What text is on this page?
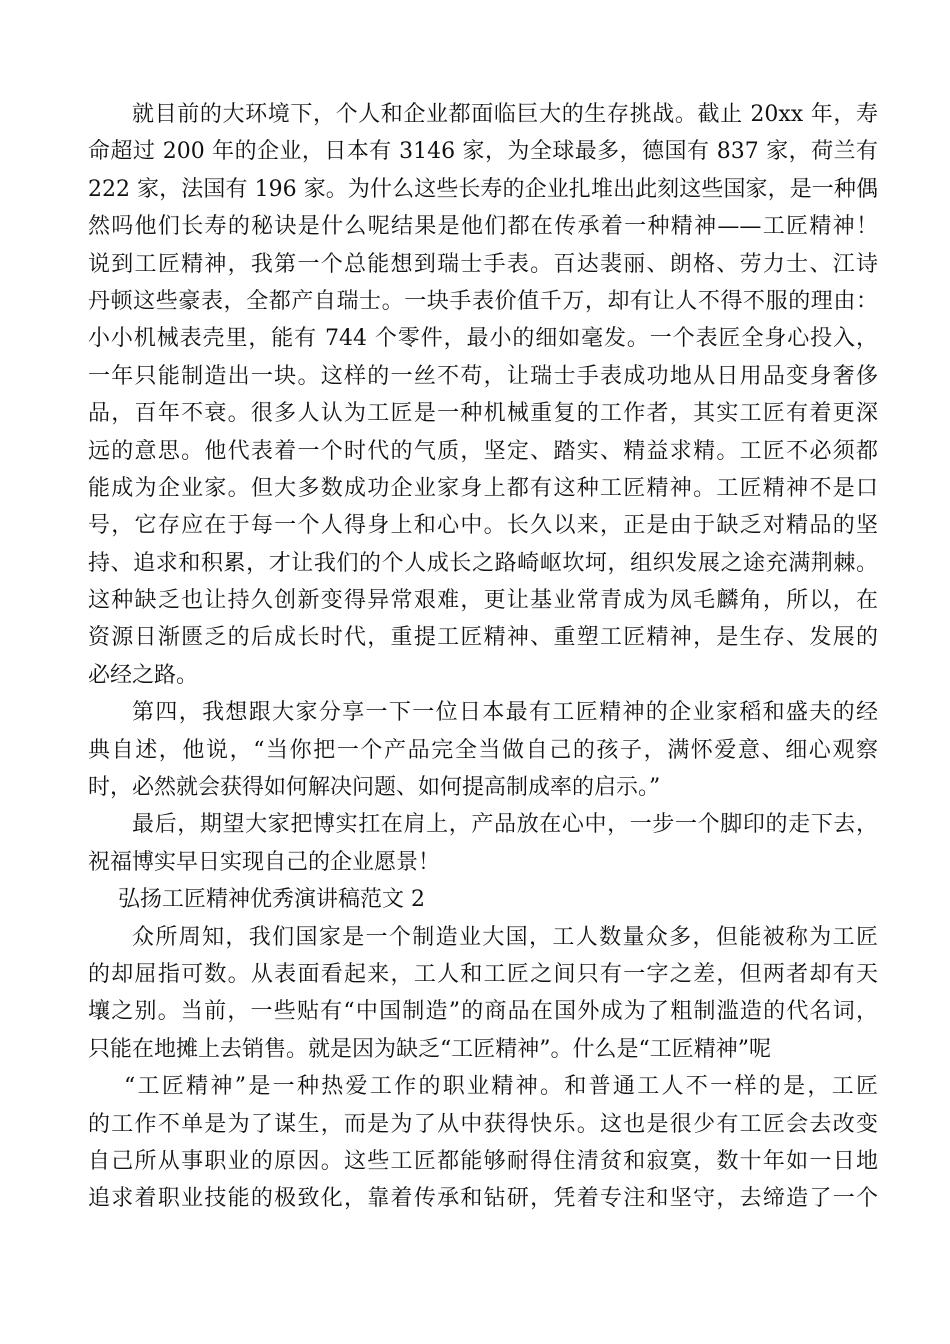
就目前的大环境下，个人和企业都面临巨大的生存挑战。截止 20xx 年，寿
命超过 200 年的企业，日本有 3146 家，为全球最多，德国有 837 家，荷兰有
222 家，法国有 196 家。为什么这些长寿的企业扎堆出此刻这些国家，是一种偶
然吗他们长寿的秘诀是什么呢结果是他们都在传承着一种精神——工匠精神！
说到工匠精神，我第一个总能想到瑞士手表。百达裴丽、朗格、劳力士、江诗
丹顿这些豪表，全都产自瑞士。一块手表价值千万，却有让人不得不服的理由：
小小机械表壳里，能有 744 个零件，最小的细如毫发。一个表匠全身心投入，
一年只能制造出一块。这样的一丝不苟，让瑞士手表成功地从日用品变身奢侈
品，百年不衰。很多人认为工匠是一种机械重复的工作者，其实工匠有着更深
远的意思。他代表着一个时代的气质，坚定、踏实、精益求精。工匠不必须都
能成为企业家。但大多数成功企业家身上都有这种工匠精神。工匠精神不是口
号，它存应在于每一个人得身上和心中。长久以来，正是由于缺乏对精品的坚
持、追求和积累，才让我们的个人成长之路崎岖坎坷，组织发展之途充满荆棘。
这种缺乏也让持久创新变得异常艰难，更让基业常青成为凤毛麟角，所以，在
资源日渐匮乏的后成长时代，重提工匠精神、重塑工匠精神，是生存、发展的
必经之路。
第四，我想跟大家分享一下一位日本最有工匠精神的企业家稻和盛夫的经
典自述，他说，“当你把一个产品完全当做自己的孩子，满怀爱意、细心观察
时，必然就会获得如何解决问题、如何提高制成率的启示。”
最后，期望大家把博实扛在肩上，产品放在心中，一步一个脚印的走下去，
祝福博实早日实现自己的企业愿景！
弘扬工匠精神优秀演讲稿范文 2
众所周知，我们国家是一个制造业大国，工人数量众多，但能被称为工匠
的却屈指可数。从表面看起来，工人和工匠之间只有一字之差，但两者却有天
壤之别。当前，一些贴有“中国制造”的商品在国外成为了粗制滥造的代名词，
只能在地摊上去销售。就是因为缺乏“工匠精神”。什么是“工匠精神”呢
“工匠精神”是一种热爱工作的职业精神。和普通工人不一样的是，工匠
的工作不单是为了谋生，而是为了从中获得快乐。这也是很少有工匠会去改变
自己所从事职业的原因。这些工匠都能够耐得住清贫和寂寞，数十年如一日地
追求着职业技能的极致化，靠着传承和钻研，凭着专注和坚守，去缔造了一个
